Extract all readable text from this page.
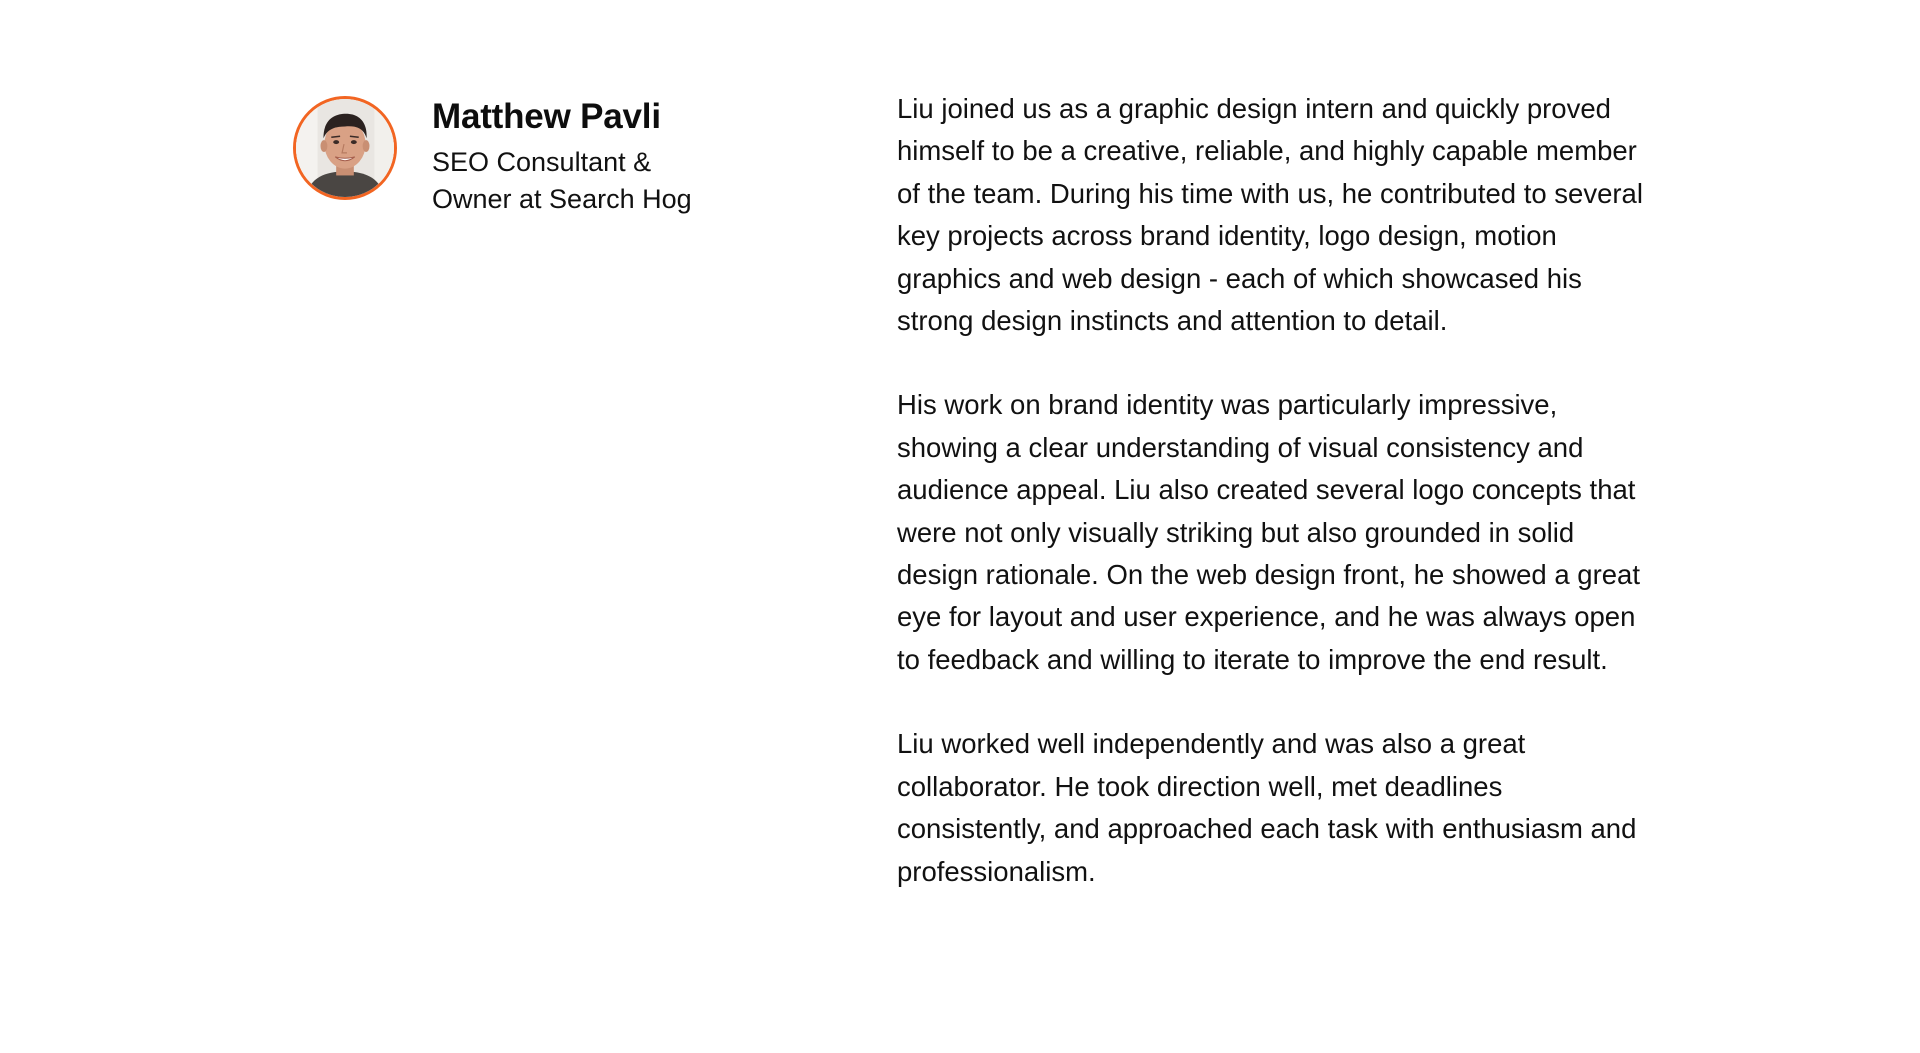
Matthew Pavli
SEO Consultant & Owner at Search Hog

Liu joined us as a graphic design intern and quickly proved himself to be a creative, reliable, and highly capable member of the team. During his time with us, he contributed to several key projects across brand identity, logo design, motion graphics and web design - each of which showcased his strong design instincts and attention to detail.

His work on brand identity was particularly impressive, showing a clear understanding of visual consistency and audience appeal. Liu also created several logo concepts that were not only visually striking but also grounded in solid design rationale. On the web design front, he showed a great eye for layout and user experience, and he was always open to feedback and willing to iterate to improve the end result.

Liu worked well independently and was also a great collaborator. He took direction well, met deadlines consistently, and approached each task with enthusiasm and professionalism.
